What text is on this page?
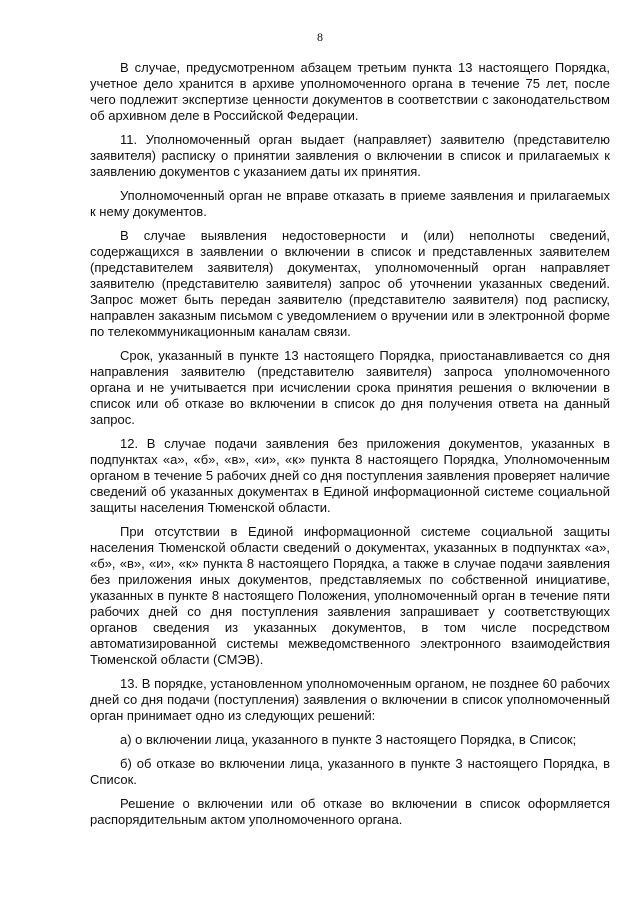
8

В случае, предусмотренном абзацем третьим пункта 13 настоящего Порядка, учетное дело хранится в архиве уполномоченного органа в течение 75 лет, после чего подлежит экспертизе ценности документов в соответствии с законодательством об архивном деле в Российской Федерации.

11. Уполномоченный орган выдает (направляет) заявителю (представителю заявителя) расписку о принятии заявления о включении в список и прилагаемых к заявлению документов с указанием даты их принятия.

Уполномоченный орган не вправе отказать в приеме заявления и прилагаемых к нему документов.

В случае выявления недостоверности и (или) неполноты сведений, содержащихся в заявлении о включении в список и представленных заявителем (представителем заявителя) документах, уполномоченный орган направляет заявителю (представителю заявителя) запрос об уточнении указанных сведений. Запрос может быть передан заявителю (представителю заявителя) под расписку, направлен заказным письмом с уведомлением о вручении или в электронной форме по телекоммуникационным каналам связи.

Срок, указанный в пункте 13 настоящего Порядка, приостанавливается со дня направления заявителю (представителю заявителя) запроса уполномоченного органа и не учитывается при исчислении срока принятия решения о включении в список или об отказе во включении в список до дня получения ответа на данный запрос.

12. В случае подачи заявления без приложения документов, указанных в подпунктах «а», «б», «в», «и», «к» пункта 8 настоящего Порядка, Уполномоченным органом в течение 5 рабочих дней со дня поступления заявления проверяет наличие сведений об указанных документах в Единой информационной системе социальной защиты населения Тюменской области.

При отсутствии в Единой информационной системе социальной защиты населения Тюменской области сведений о документах, указанных в подпунктах «а», «б», «в», «и», «к» пункта 8 настоящего Порядка, а также в случае подачи заявления без приложения иных документов, представляемых по собственной инициативе, указанных в пункте 8 настоящего Положения, уполномоченный орган в течение пяти рабочих дней со дня поступления заявления запрашивает у соответствующих органов сведения из указанных документов, в том числе посредством автоматизированной системы межведомственного электронного взаимодействия Тюменской области (СМЭВ).

13. В порядке, установленном уполномоченным органом, не позднее 60 рабочих дней со дня подачи (поступления) заявления о включении в список уполномоченный орган принимает одно из следующих решений:

а) о включении лица, указанного в пункте 3 настоящего Порядка, в Список;

б) об отказе во включении лица, указанного в пункте 3 настоящего Порядка, в Список.

Решение о включении или об отказе во включении в список оформляется распорядительным актом уполномоченного органа.
